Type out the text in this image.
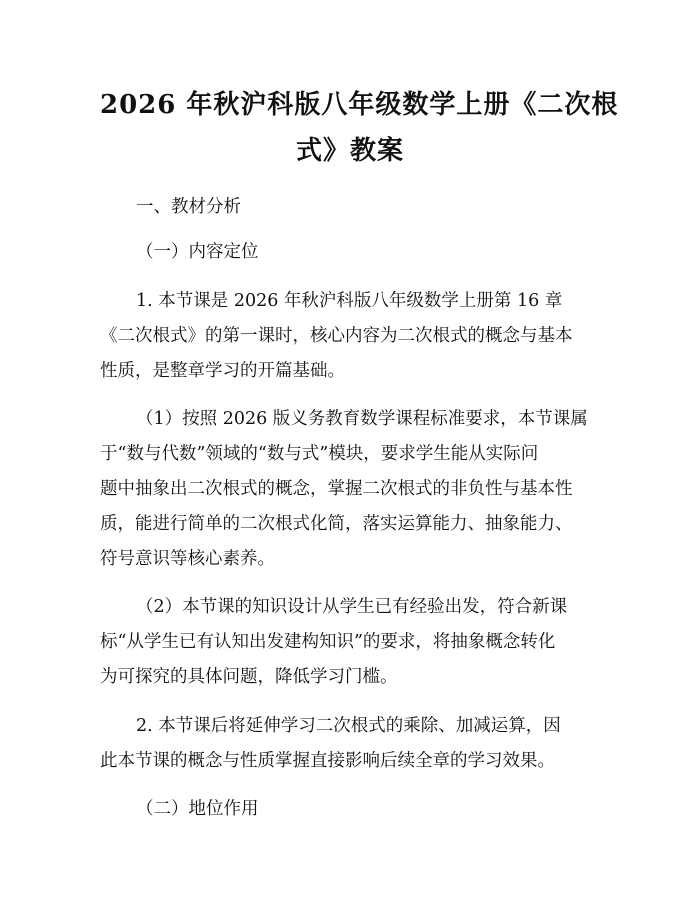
2026 年秋沪科版八年级数学上册《二次根
式》教案
一、教材分析
（一）内容定位
1. 本节课是 2026 年秋沪科版八年级数学上册第 16 章
《二次根式》的第一课时，核心内容为二次根式的概念与基本
性质，是整章学习的开篇基础。
（1）按照 2026 版义务教育数学课程标准要求，本节课属
于“数与代数”领域的“数与式”模块，要求学生能从实际问
题中抽象出二次根式的概念，掌握二次根式的非负性与基本性
质，能进行简单的二次根式化简，落实运算能力、抽象能力、
符号意识等核心素养。
（2）本节课的知识设计从学生已有经验出发，符合新课
标“从学生已有认知出发建构知识”的要求，将抽象概念转化
为可探究的具体问题，降低学习门槛。
2. 本节课后将延伸学习二次根式的乘除、加减运算，因
此本节课的概念与性质掌握直接影响后续全章的学习效果。
（二）地位作用
